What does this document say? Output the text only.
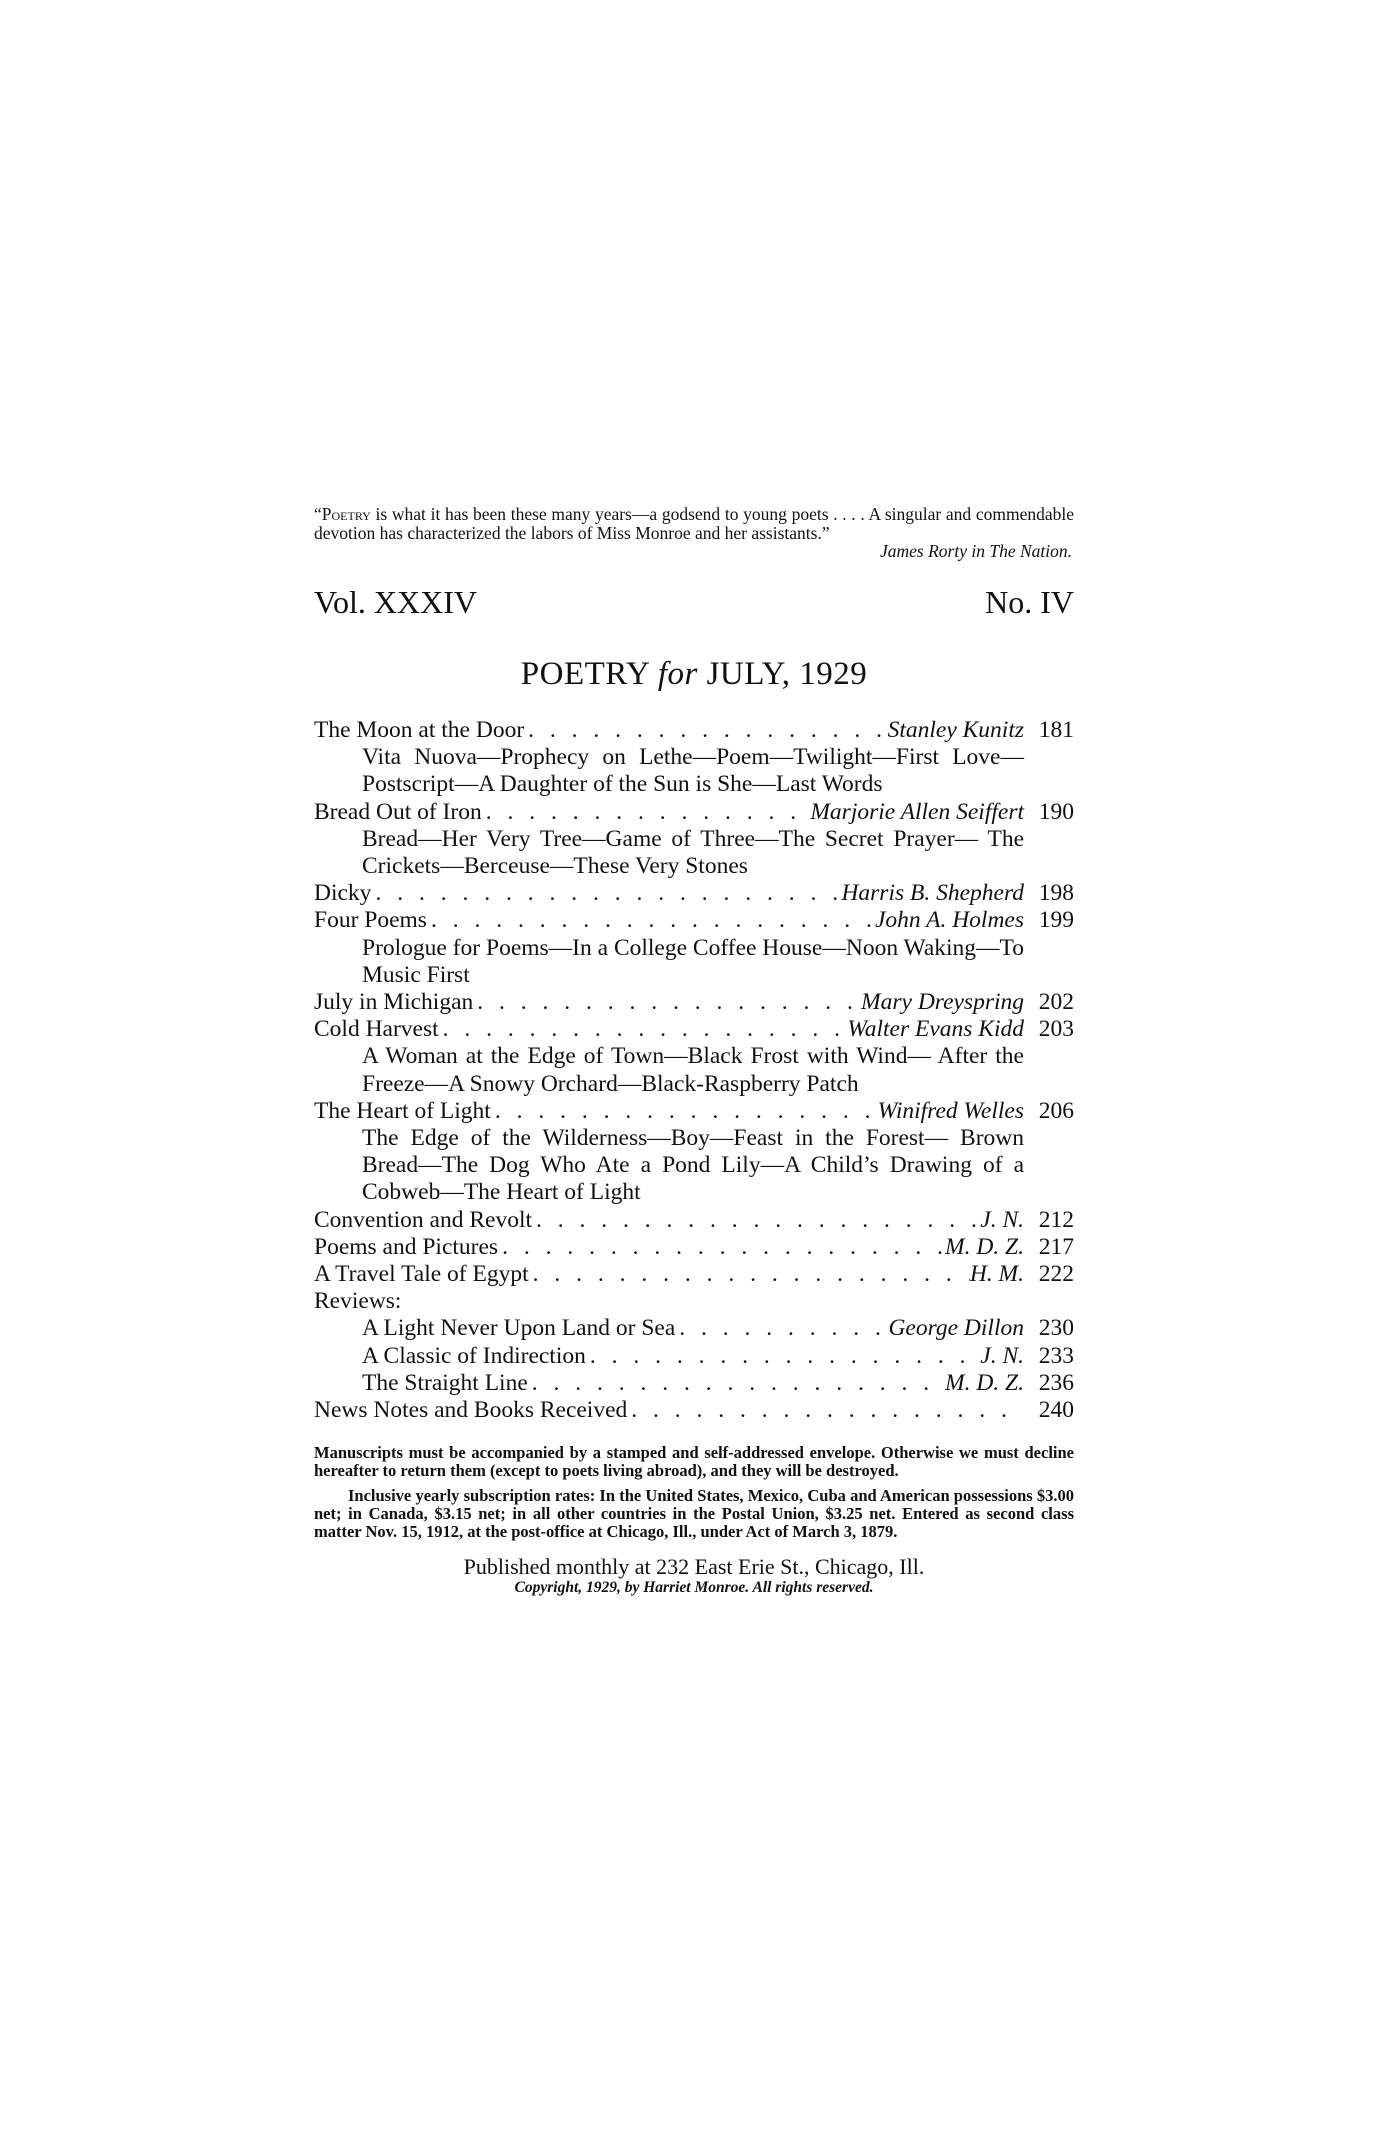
“Poetry is what it has been these many years—a godsend to young poets . . . . A singular and commendable devotion has characterized the labors of Miss Monroe and her assistants.”
James Rorty in The Nation.
Vol. XXXIV	No. IV
POETRY for JULY, 1929
The Moon at the Door . . .	Stanley Kunitz 181
Vita Nuova—Prophecy on Lethe—Poem—Twilight—First Love—Postscript—A Daughter of the Sun is She—Last Words
Bread Out of Iron . . .	Marjorie Allen Seiffert 190
Bread—Her Very Tree—Game of Three—The Secret Prayer— The Crickets—Berceuse—These Very Stones
Dicky . . .	Harris B. Shepherd 198
Four Poems . . .	John A. Holmes 199
Prologue for Poems—In a College Coffee House—Noon Waking—To Music First
July in Michigan . . .	Mary Dreyspring 202
Cold Harvest . . .	Walter Evans Kidd 203
A Woman at the Edge of Town—Black Frost with Wind— After the Freeze—A Snowy Orchard—Black-Raspberry Patch
The Heart of Light . . .	Winifred Welles 206
The Edge of the Wilderness—Boy—Feast in the Forest— Brown Bread—The Dog Who Ate a Pond Lily—A Child’s Drawing of a Cobweb—The Heart of Light
Convention and Revolt . . .	J. N. 212
Poems and Pictures . . .	M. D. Z. 217
A Travel Tale of Egypt . . .	H. M. 222
Reviews:
A Light Never Upon Land or Sea . . .	George Dillon 230
A Classic of Indirection . . .	J. N. 233
The Straight Line . . .	M. D. Z. 236
News Notes and Books Received . . .	240

Manuscripts must be accompanied by a stamped and self-addressed envelope. Otherwise we must decline hereafter to return them (except to poets living abroad), and they will be destroyed.

Inclusive yearly subscription rates: In the United States, Mexico, Cuba and American possessions $3.00 net; in Canada, $3.15 net; in all other countries in the Postal Union, $3.25 net. Entered as second class matter Nov. 15, 1912, at the post-office at Chicago, Ill., under Act of March 3, 1879.

Published monthly at 232 East Erie St., Chicago, Ill.
Copyright, 1929, by Harriet Monroe. All rights reserved.
